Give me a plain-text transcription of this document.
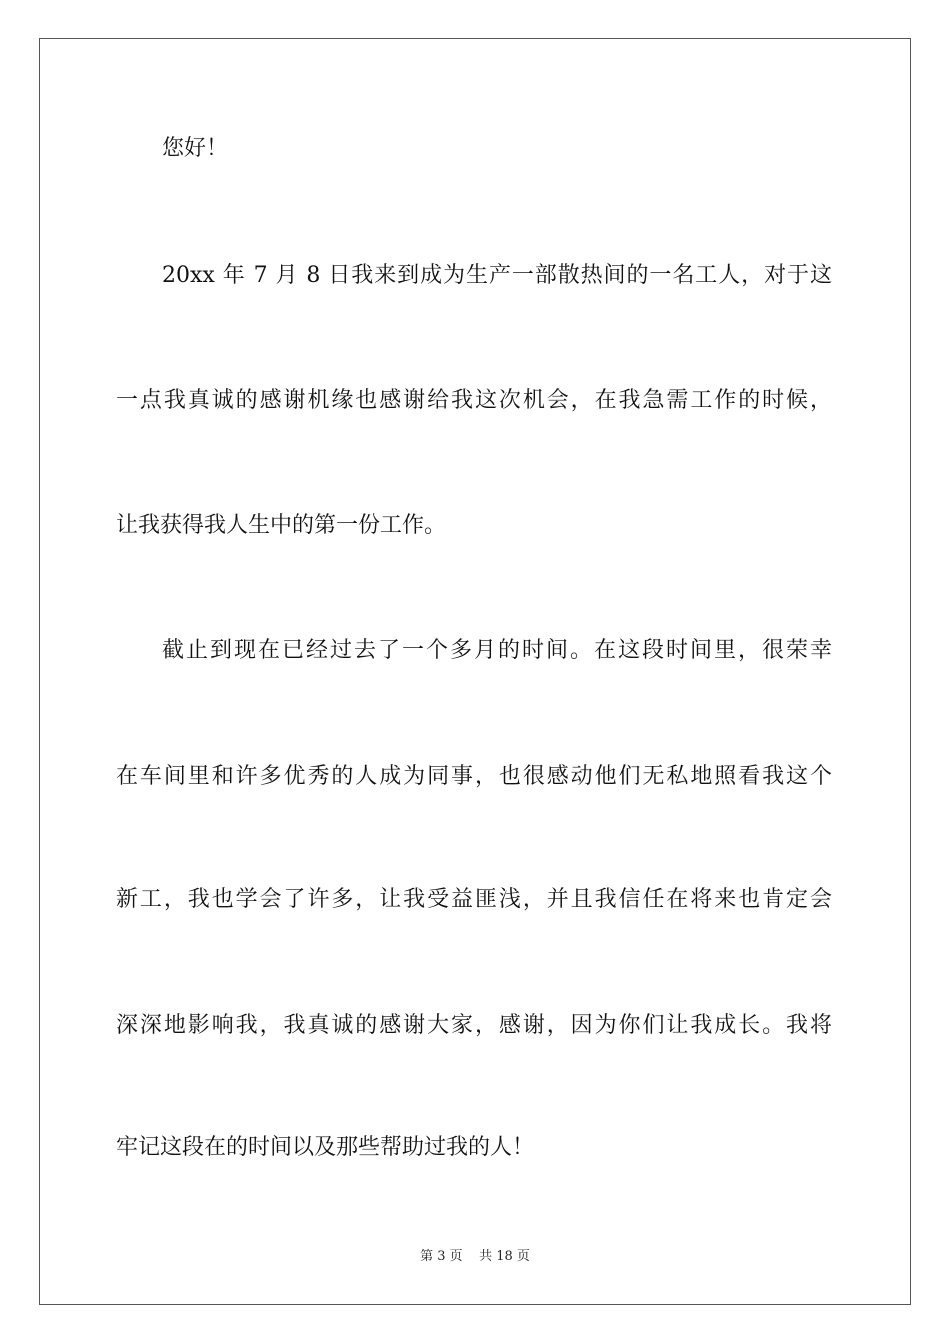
您好！
20xx 年 7 月 8 日我来到成为生产一部散热间的一名工人，对于这
一点我真诚的感谢机缘也感谢给我这次机会，在我急需工作的时候，
让我获得我人生中的第一份工作。
截止到现在已经过去了一个多月的时间。在这段时间里，很荣幸
在车间里和许多优秀的人成为同事，也很感动他们无私地照看我这个
新工，我也学会了许多，让我受益匪浅，并且我信任在将来也肯定会
深深地影响我，我真诚的感谢大家，感谢，因为你们让我成长。我将
牢记这段在的时间以及那些帮助过我的人！
第 3 页    共 18 页
